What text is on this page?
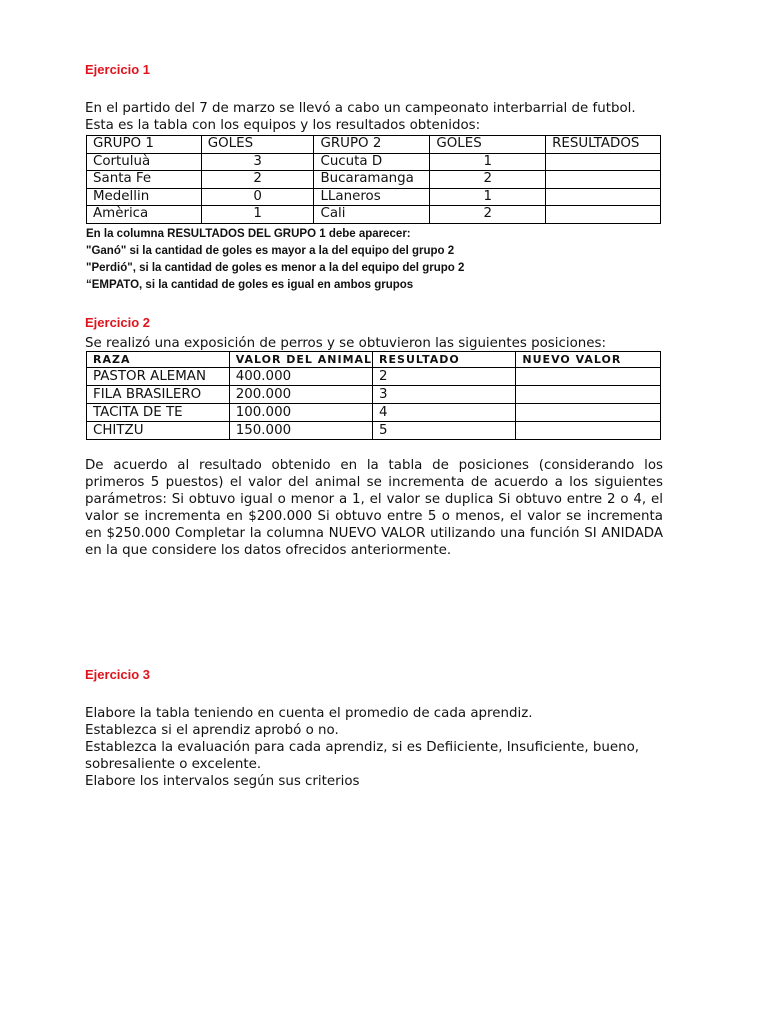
Ejercicio 1

En el partido del 7 de marzo se llevó a cabo un campeonato interbarrial de futbol.
Esta es la tabla con los equipos y los resultados obtenidos:

GRUPO 1	GOLES	GRUPO 2	GOLES	RESULTADOS
Cortuluà	3	Cucuta D	1	
Santa Fe	2	Bucaramanga	2	
Medellin	0	LLaneros	1	
Amèrica	1	Cali	2	
En la columna RESULTADOS DEL GRUPO 1 debe aparecer:
"Ganó" si la cantidad de goles es mayor a la del equipo del grupo 2
"Perdió", si la cantidad de goles es menor a la del equipo del grupo 2
“EMPATO, si la cantidad de goles es igual en ambos grupos
Ejercicio 2

Se realizó una exposición de perros y se obtuvieron las siguientes posiciones:

RAZA	VALOR DEL ANIMAL	RESULTADO	NUEVO VALOR
PASTOR ALEMAN	400.000	2	
FILA BRASILERO	200.000	3	
TACITA DE TE	100.000	4	
CHITZU	150.000	5	

De acuerdo al resultado obtenido en la tabla de posiciones (considerando los primeros 5 puestos) el valor del animal se incrementa de acuerdo a los siguientes parámetros: Si obtuvo igual o menor a 1, el valor se duplica Si obtuvo entre 2 o 4, el valor se incrementa en $200.000 Si obtuvo entre 5 o menos, el valor se incrementa en $250.000 Completar la columna NUEVO VALOR utilizando una función SI ANIDADA en la que considere los datos ofrecidos anteriormente.

Ejercicio 3

Elabore la tabla teniendo en cuenta el promedio de cada aprendiz.

Establezca si el aprendiz aprobó o no.

Establezca la evaluación para cada aprendiz, si es Defiiciente, Insuficiente, bueno, sobresaliente o excelente.

Elabore los intervalos según sus criterios
